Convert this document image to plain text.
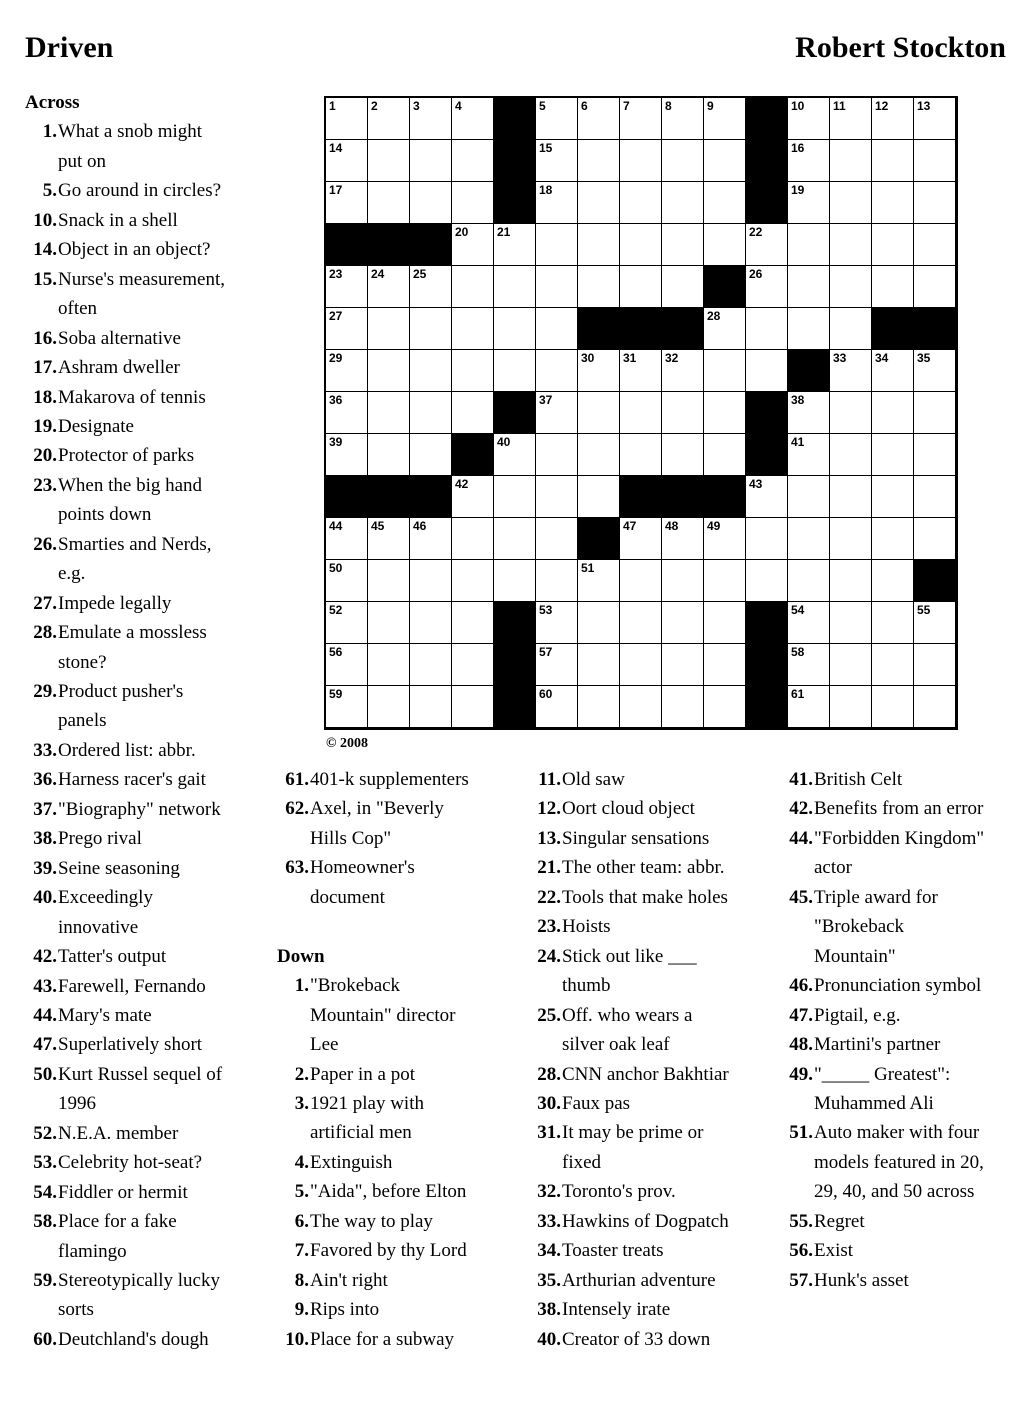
Driven	Robert Stockton
1	2	3	4	5	6	7	8	9	10 11 12 13
14	15	16
17	18	19
20 21	22
23 24 25	26
27	28
29	30 31 32	33 34 35
36	37	38
39	40	41
42	43
44 45 46	47 48 49
50	51
52	53	54	55
56	57	58
59	60	61
© 2008
Across
1. What a snob might
put on
5. Go around in circles?
10. Snack in a shell
14. Object in an object?
15. Nurse's measurement,
often
16. Soba alternative
17. Ashram dweller
18. Makarova of tennis
19. Designate
20. Protector of parks
23. When the big hand
points down
26. Smarties and Nerds,
e.g.
27. Impede legally
28. Emulate a mossless
stone?
29. Product pusher's
panels
33. Ordered list: abbr.
36. Harness racer's gait
37. "Biography" network
38. Prego rival
39. Seine seasoning
40. Exceedingly
innovative
42. Tatter's output
43. Farewell, Fernando
44. Mary's mate
47. Superlatively short
50. Kurt Russel sequel of
1996
52. N.E.A. member
53. Celebrity hot-seat?
54. Fiddler or hermit
58. Place for a fake
flamingo
59. Stereotypically lucky
sorts
60. Deutchland's dough
61. 401-k supplementers
62. Axel, in "Beverly
Hills Cop"
63. Homeowner's
document
Down
1. "Brokeback
Mountain" director
Lee
2. Paper in a pot
3. 1921 play with
artificial men
4. Extinguish
5. "Aida", before Elton
6. The way to play
7. Favored by thy Lord
8. Ain't right
9. Rips into
10. Place for a subway
11. Old saw
12. Oort cloud object
13. Singular sensations
21. The other team: abbr.
22. Tools that make holes
23. Hoists
24. Stick out like ___
thumb
25. Off. who wears a
silver oak leaf
28. CNN anchor Bakhtiar
30. Faux pas
31. It may be prime or
fixed
32. Toronto's prov.
33. Hawkins of Dogpatch
34. Toaster treats
35. Arthurian adventure
38. Intensely irate
40. Creator of 33 down
41. British Celt
42. Benefits from an error
44. "Forbidden Kingdom"
actor
45. Triple award for
"Brokeback
Mountain"
46. Pronunciation symbol
47. Pigtail, e.g.
48. Martini's partner
49. "_____ Greatest":
Muhammed Ali
51. Auto maker with four
models featured in 20,
29, 40, and 50 across
55. Regret
56. Exist
57. Hunk's asset
